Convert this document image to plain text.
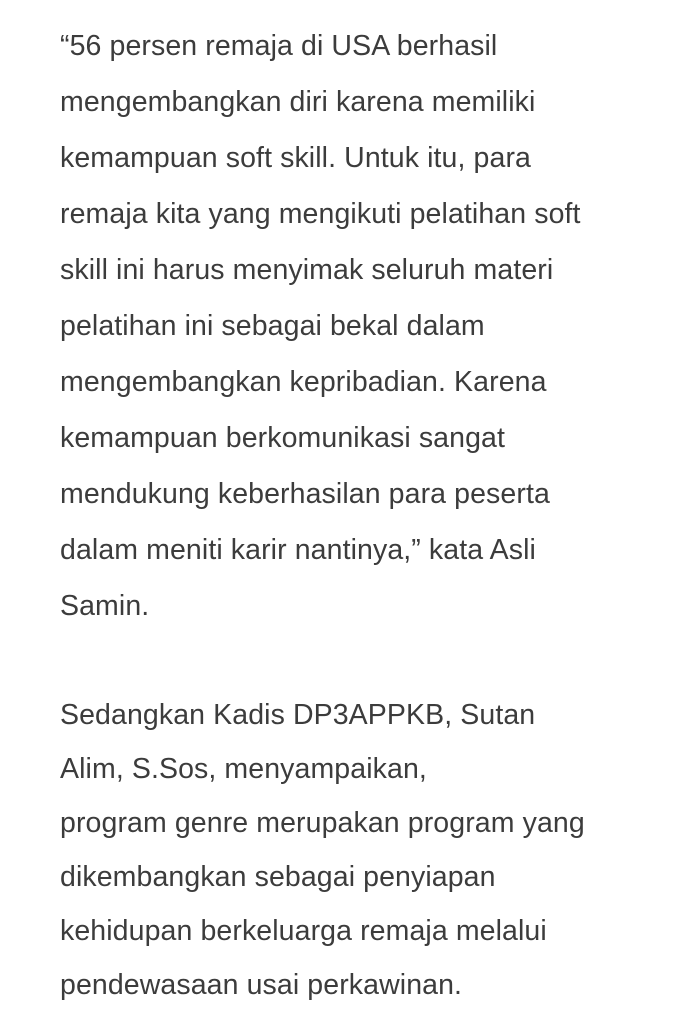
“56 persen remaja di USA berhasil
mengembangkan diri karena memiliki
kemampuan soft skill. Untuk itu, para
remaja kita yang mengikuti pelatihan soft
skill ini harus menyimak seluruh materi
pelatihan ini sebagai bekal dalam
mengembangkan kepribadian. Karena
kemampuan berkomunikasi sangat
mendukung keberhasilan para peserta
dalam meniti karir nantinya,” kata Asli
Samin.
Sedangkan Kadis DP3APPKB, Sutan
Alim, S.Sos, menyampaikan,
program genre merupakan program yang
dikembangkan sebagai penyiapan
kehidupan berkeluarga remaja melalui
pendewasaan usai perkawinan.
